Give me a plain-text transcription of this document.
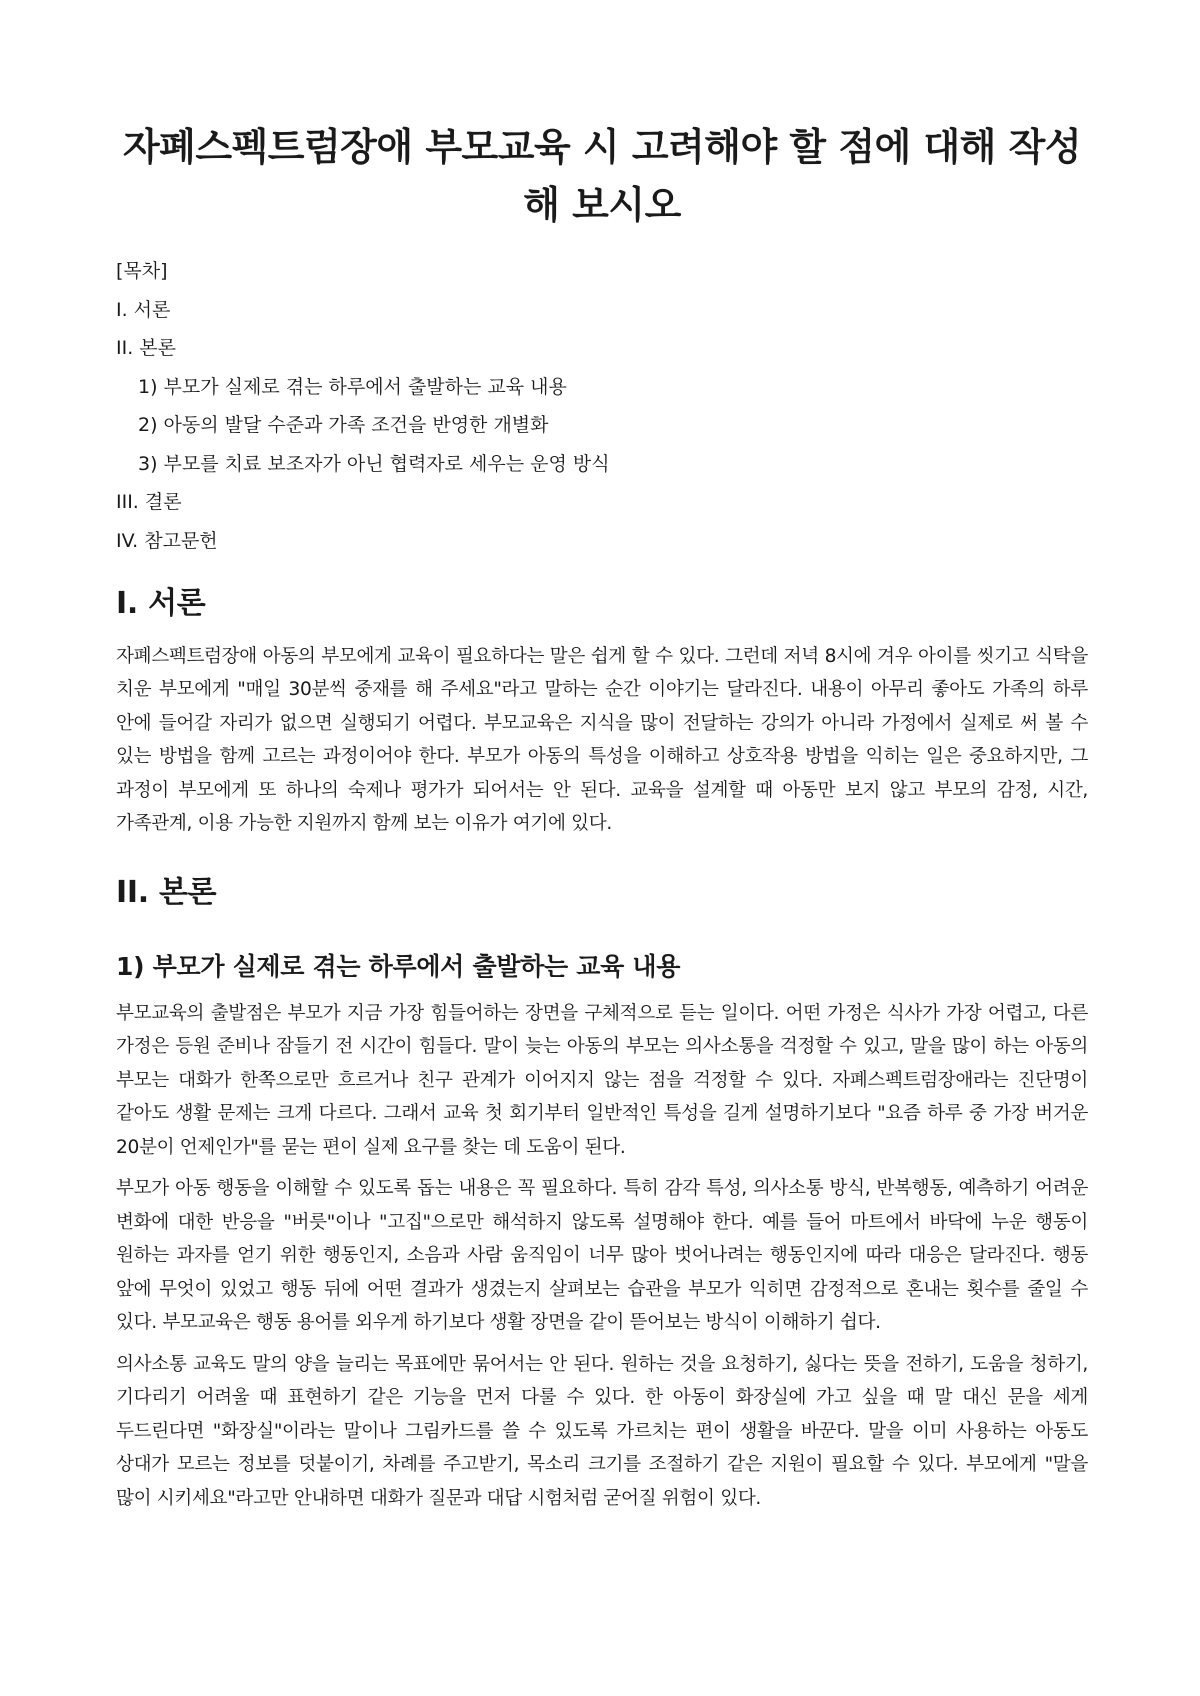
자폐스펙트럼장애 부모교육 시 고려해야 할 점에 대해 작성해 보시오
[목차]
I. 서론
II. 본론
1) 부모가 실제로 겪는 하루에서 출발하는 교육 내용
2) 아동의 발달 수준과 가족 조건을 반영한 개별화
3) 부모를 치료 보조자가 아닌 협력자로 세우는 운영 방식
III. 결론
IV. 참고문헌
I. 서론

자폐스펙트럼장애 아동의 부모에게 교육이 필요하다는 말은 쉽게 할 수 있다. 그런데 저녁 8시에 겨우 아이를 씻기고 식탁을 치운 부모에게 "매일 30분씩 중재를 해 주세요"라고 말하는 순간 이야기는 달라진다. 내용이 아무리 좋아도 가족의 하루 안에 들어갈 자리가 없으면 실행되기 어렵다. 부모교육은 지식을 많이 전달하는 강의가 아니라 가정에서 실제로 써 볼 수 있는 방법을 함께 고르는 과정이어야 한다. 부모가 아동의 특성을 이해하고 상호작용 방법을 익히는 일은 중요하지만, 그 과정이 부모에게 또 하나의 숙제나 평가가 되어서는 안 된다. 교육을 설계할 때 아동만 보지 않고 부모의 감정, 시간, 가족관계, 이용 가능한 지원까지 함께 보는 이유가 여기에 있다.

II. 본론
1) 부모가 실제로 겪는 하루에서 출발하는 교육 내용

부모교육의 출발점은 부모가 지금 가장 힘들어하는 장면을 구체적으로 듣는 일이다. 어떤 가정은 식사가 가장 어렵고, 다른 가정은 등원 준비나 잠들기 전 시간이 힘들다. 말이 늦는 아동의 부모는 의사소통을 걱정할 수 있고, 말을 많이 하는 아동의 부모는 대화가 한쪽으로만 흐르거나 친구 관계가 이어지지 않는 점을 걱정할 수 있다. 자폐스펙트럼장애라는 진단명이 같아도 생활 문제는 크게 다르다. 그래서 교육 첫 회기부터 일반적인 특성을 길게 설명하기보다 "요즘 하루 중 가장 버거운 20분이 언제인가"를 묻는 편이 실제 요구를 찾는 데 도움이 된다.

부모가 아동 행동을 이해할 수 있도록 돕는 내용은 꼭 필요하다. 특히 감각 특성, 의사소통 방식, 반복행동, 예측하기 어려운 변화에 대한 반응을 "버릇"이나 "고집"으로만 해석하지 않도록 설명해야 한다. 예를 들어 마트에서 바닥에 누운 행동이 원하는 과자를 얻기 위한 행동인지, 소음과 사람 움직임이 너무 많아 벗어나려는 행동인지에 따라 대응은 달라진다. 행동 앞에 무엇이 있었고 행동 뒤에 어떤 결과가 생겼는지 살펴보는 습관을 부모가 익히면 감정적으로 혼내는 횟수를 줄일 수 있다. 부모교육은 행동 용어를 외우게 하기보다 생활 장면을 같이 뜯어보는 방식이 이해하기 쉽다.

의사소통 교육도 말의 양을 늘리는 목표에만 묶어서는 안 된다. 원하는 것을 요청하기, 싫다는 뜻을 전하기, 도움을 청하기, 기다리기 어려울 때 표현하기 같은 기능을 먼저 다룰 수 있다. 한 아동이 화장실에 가고 싶을 때 말 대신 문을 세게 두드린다면 "화장실"이라는 말이나 그림카드를 쓸 수 있도록 가르치는 편이 생활을 바꾼다. 말을 이미 사용하는 아동도 상대가 모르는 정보를 덧붙이기, 차례를 주고받기, 목소리 크기를 조절하기 같은 지원이 필요할 수 있다. 부모에게 "말을 많이 시키세요"라고만 안내하면 대화가 질문과 대답 시험처럼 굳어질 위험이 있다.
